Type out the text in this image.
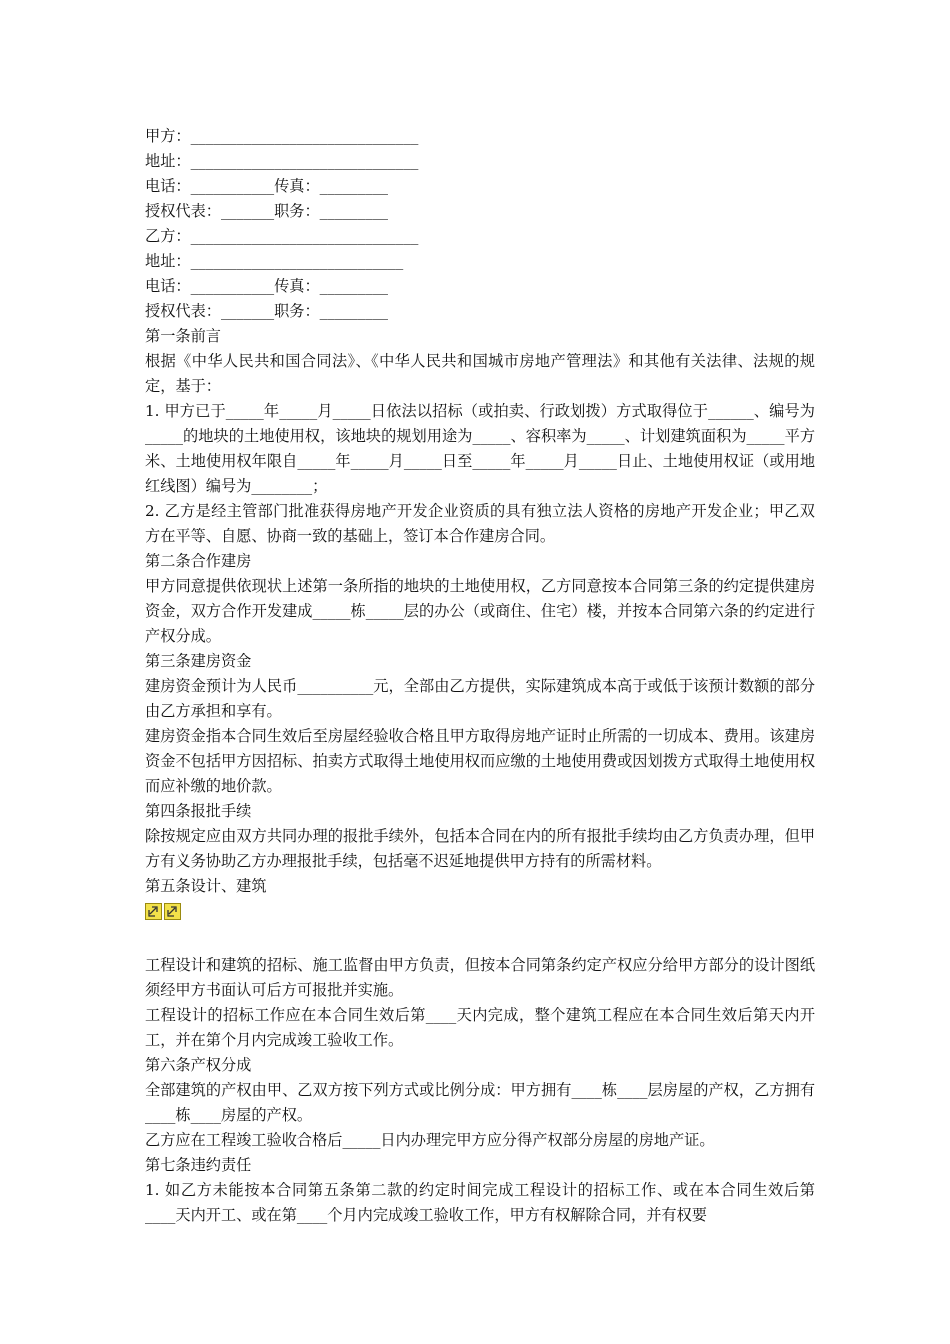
甲方：______________________________
地址：______________________________
电话：___________传真：_________
授权代表：_______职务：_________
乙方：______________________________
地址：____________________________
电话：___________传真：_________
授权代表：_______职务：_________
第一条前言
根据《中华人民共和国合同法》、《中华人民共和国城市房地产管理法》和其他有关法律、法规的规定，基于：
1. 甲方已于_____年_____月_____日依法以招标（或拍卖、行政划拨）方式取得位于______、编号为_____的地块的土地使用权，该地块的规划用途为_____、容积率为_____、计划建筑面积为_____平方米、土地使用权年限自_____年_____月_____日至_____年_____月_____日止、土地使用权证（或用地红线图）编号为________；
2. 乙方是经主管部门批准获得房地产开发企业资质的具有独立法人资格的房地产开发企业；甲乙双方在平等、自愿、协商一致的基础上，签订本合作建房合同。
第二条合作建房
甲方同意提供依现状上述第一条所指的地块的土地使用权，乙方同意按本合同第三条的约定提供建房资金，双方合作开发建成_____栋_____层的办公（或商住、住宅）楼，并按本合同第六条的约定进行产权分成。
第三条建房资金
建房资金预计为人民币__________元，全部由乙方提供，实际建筑成本高于或低于该预计数额的部分由乙方承担和享有。
建房资金指本合同生效后至房屋经验收合格且甲方取得房地产证时止所需的一切成本、费用。该建房资金不包括甲方因招标、拍卖方式取得土地使用权而应缴的土地使用费或因划拨方式取得土地使用权而应补缴的地价款。
第四条报批手续
除按规定应由双方共同办理的报批手续外，包括本合同在内的所有报批手续均由乙方负责办理，但甲方有义务协助乙方办理报批手续，包括毫不迟延地提供甲方持有的所需材料。
第五条设计、建筑
工程设计和建筑的招标、施工监督由甲方负责，但按本合同第条约定产权应分给甲方部分的设计图纸须经甲方书面认可后方可报批并实施。
工程设计的招标工作应在本合同生效后第____天内完成，整个建筑工程应在本合同生效后第天内开工，并在第个月内完成竣工验收工作。
第六条产权分成
全部建筑的产权由甲、乙双方按下列方式或比例分成：甲方拥有____栋____层房屋的产权，乙方拥有____栋____房屋的产权。
乙方应在工程竣工验收合格后_____日内办理完甲方应分得产权部分房屋的房地产证。
第七条违约责任
1. 如乙方未能按本合同第五条第二款的约定时间完成工程设计的招标工作、或在本合同生效后第____天内开工、或在第____个月内完成竣工验收工作，甲方有权解除合同，并有权要
